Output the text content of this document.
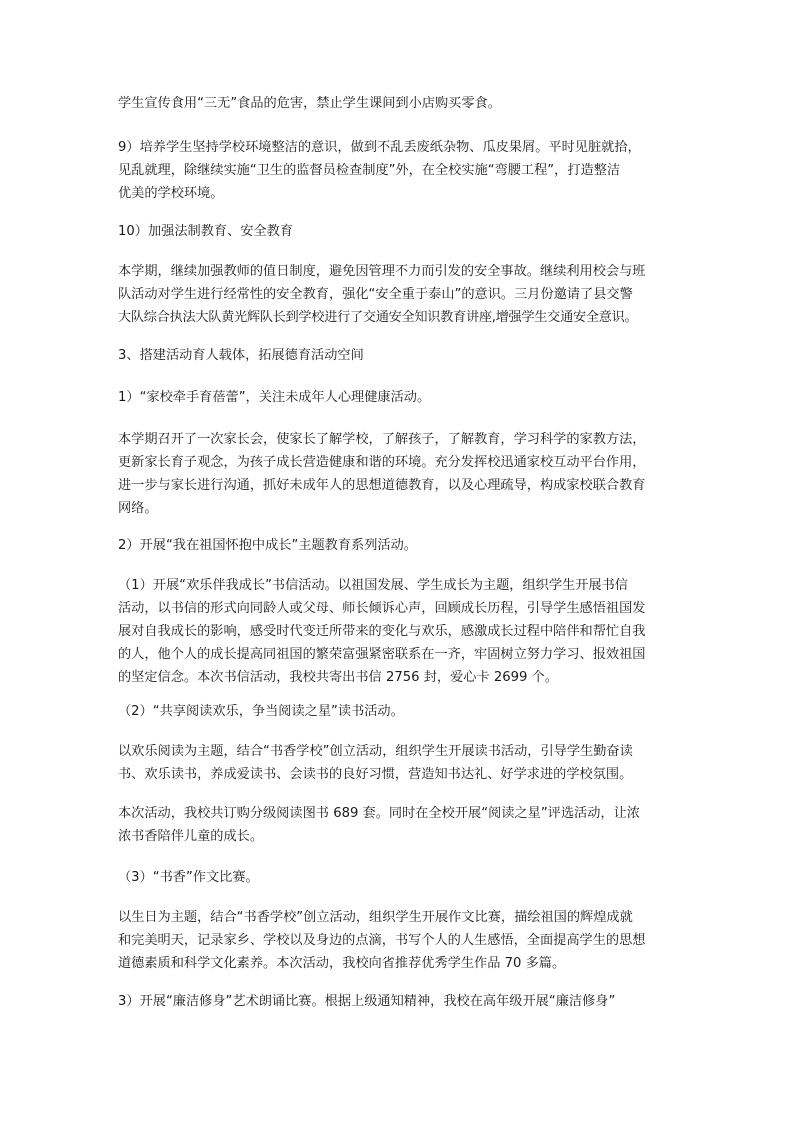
学生宣传食用“三无”食品的危害，禁止学生课间到小店购买零食。

9）培养学生坚持学校环境整洁的意识，做到不乱丢废纸杂物、瓜皮果屑。平时见脏就拾，
见乱就理，除继续实施“卫生的监督员检查制度”外，在全校实施“弯腰工程”，打造整洁
优美的学校环境。

10）加强法制教育、安全教育

本学期，继续加强教师的值日制度，避免因管理不力而引发的安全事故。继续利用校会与班
队活动对学生进行经常性的安全教育，强化“安全重于泰山”的意识。三月份邀请了县交警
大队综合执法大队黄光辉队长到学校进行了交通安全知识教育讲座,增强学生交通安全意识。

3、搭建活动育人载体，拓展德育活动空间

1）“家校牵手育蓓蕾”，关注未成年人心理健康活动。

本学期召开了一次家长会，使家长了解学校，了解孩子，了解教育，学习科学的家教方法，
更新家长育子观念，为孩子成长营造健康和谐的环境。充分发挥校迅通家校互动平台作用，
进一步与家长进行沟通，抓好未成年人的思想道德教育，以及心理疏导，构成家校联合教育
网络。

2）开展“我在祖国怀抱中成长”主题教育系列活动。

（1）开展“欢乐伴我成长”书信活动。以祖国发展、学生成长为主题，组织学生开展书信
活动，以书信的形式向同龄人或父母、师长倾诉心声，回顾成长历程，引导学生感悟祖国发
展对自我成长的影响，感受时代变迁所带来的变化与欢乐，感激成长过程中陪伴和帮忙自我
的人，他个人的成长提高同祖国的繁荣富强紧密联系在一齐，牢固树立努力学习、报效祖国
的坚定信念。本次书信活动，我校共寄出书信 2756 封，爱心卡 2699 个。

（2）“共享阅读欢乐，争当阅读之星”读书活动。

以欢乐阅读为主题，结合“书香学校”创立活动，组织学生开展读书活动，引导学生勤奋读
书、欢乐读书，养成爱读书、会读书的良好习惯，营造知书达礼、好学求进的学校氛围。

本次活动，我校共订购分级阅读图书 689 套。同时在全校开展“阅读之星”评选活动，让浓
浓书香陪伴儿童的成长。

（3）“书香”作文比赛。

以生日为主题，结合“书香学校”创立活动，组织学生开展作文比赛，描绘祖国的辉煌成就
和完美明天，记录家乡、学校以及身边的点滴，书写个人的人生感悟，全面提高学生的思想
道德素质和科学文化素养。本次活动，我校向省推荐优秀学生作品 70 多篇。

3）开展“廉洁修身”艺术朗诵比赛。根据上级通知精神，我校在高年级开展“廉洁修身”
